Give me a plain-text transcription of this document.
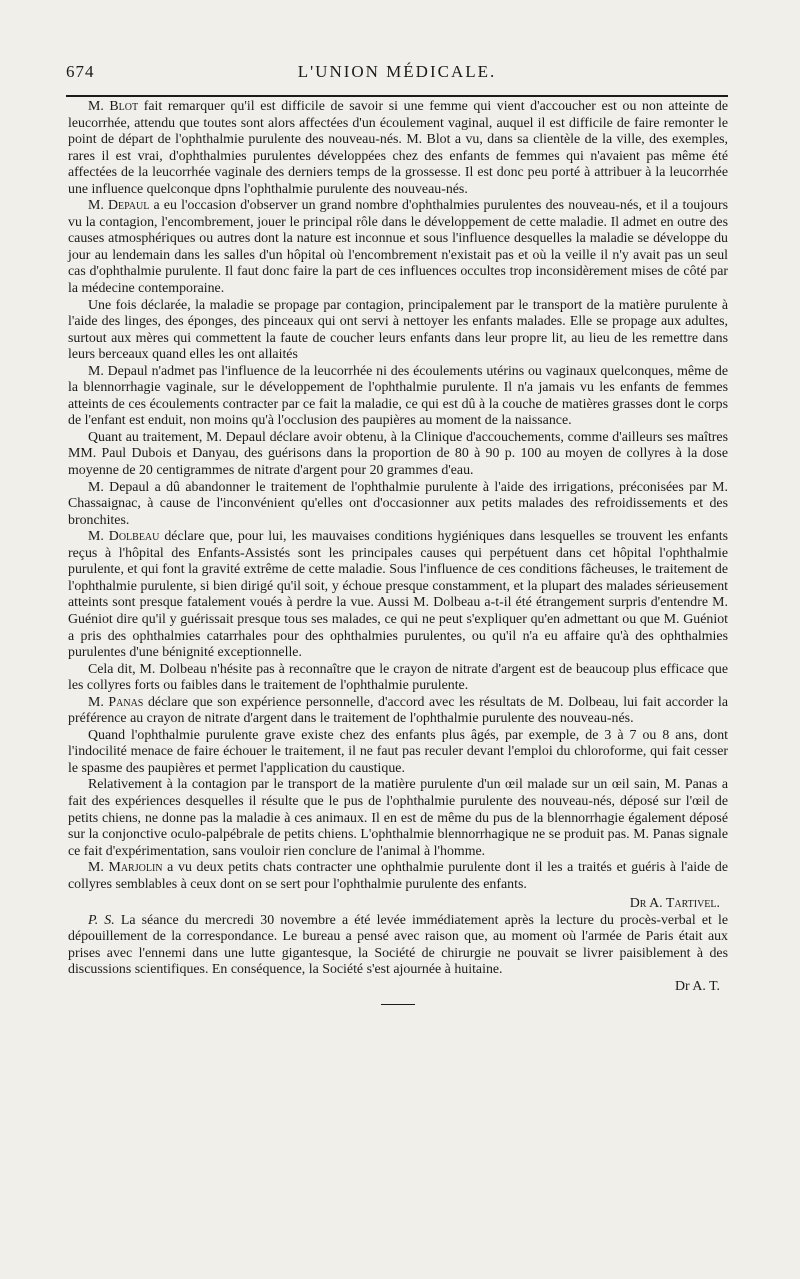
674	L'UNION MÉDICALE.

M. Blot fait remarquer qu'il est difficile de savoir si une femme qui vient d'accoucher est ou non atteinte de leucorrhée, attendu que toutes sont alors affectées d'un écoulement vaginal, auquel il est difficile de faire remonter le point de départ de l'ophthalmie purulente des nouveau-nés. M. Blot a vu, dans sa clientèle de la ville, des exemples, rares il est vrai, d'ophthalmies purulentes développées chez des enfants de femmes qui n'avaient pas même été affectées de la leucorrhée vaginale des derniers temps de la grossesse. Il est donc peu porté à attribuer à la leucorrhée une influence quelconque dpns l'ophthalmie purulente des nouveau-nés.

M. Depaul a eu l'occasion d'observer un grand nombre d'ophthalmies purulentes des nouveau-nés, et il a toujours vu la contagion, l'encombrement, jouer le principal rôle dans le développement de cette maladie. Il admet en outre des causes atmosphériques ou autres dont la nature est inconnue et sous l'influence desquelles la maladie se développe du jour au lendemain dans les salles d'un hôpital où l'encombrement n'existait pas et où la veille il n'y avait pas un seul cas d'ophthalmie purulente. Il faut donc faire la part de ces influences occultes trop inconsidèrement mises de côté par la médecine contemporaine.

Une fois déclarée, la maladie se propage par contagion, principalement par le transport de la matière purulente à l'aide des linges, des éponges, des pinceaux qui ont servi à nettoyer les enfants malades. Elle se propage aux adultes, surtout aux mères qui commettent la faute de coucher leurs enfants dans leur propre lit, au lieu de les remettre dans leurs berceaux quand elles les ont allaités

M. Depaul n'admet pas l'influence de la leucorrhée ni des écoulements utérins ou vaginaux quelconques, même de la blennorrhagie vaginale, sur le développement de l'ophthalmie purulente. Il n'a jamais vu les enfants de femmes atteints de ces écoulements contracter par ce fait la maladie, ce qui est dû à la couche de matières grasses dont le corps de l'enfant est enduit, non moins qu'à l'occlusion des paupières au moment de la naissance.

Quant au traitement, M. Depaul déclare avoir obtenu, à la Clinique d'accouchements, comme d'ailleurs ses maîtres MM. Paul Dubois et Danyau, des guérisons dans la proportion de 80 à 90 p. 100 au moyen de collyres à la dose moyenne de 20 centigrammes de nitrate d'argent pour 20 grammes d'eau.

M. Depaul a dû abandonner le traitement de l'ophthalmie purulente à l'aide des irrigations, préconisées par M. Chassaignac, à cause de l'inconvénient qu'elles ont d'occasionner aux petits malades des refroidissements et des bronchites.

M. Dolbeau déclare que, pour lui, les mauvaises conditions hygiéniques dans lesquelles se trouvent les enfants reçus à l'hôpital des Enfants-Assistés sont les principales causes qui perpétuent dans cet hôpital l'ophthalmie purulente, et qui font la gravité extrême de cette maladie. Sous l'influence de ces conditions fâcheuses, le traitement de l'ophthalmie purulente, si bien dirigé qu'il soit, y échoue presque constamment, et la plupart des malades sérieusement atteints sont presque fatalement voués à perdre la vue. Aussi M. Dolbeau a-t-il été étrangement surpris d'entendre M. Guéniot dire qu'il y guérissait presque tous ses malades, ce qui ne peut s'expliquer qu'en admettant ou que M. Guéniot a pris des ophthalmies catarrhales pour des ophthalmies purulentes, ou qu'il n'a eu affaire qu'à des ophthalmies purulentes d'une bénignité exceptionnelle.

Cela dit, M. Dolbeau n'hésite pas à reconnaître que le crayon de nitrate d'argent est de beaucoup plus efficace que les collyres forts ou faibles dans le traitement de l'ophthalmie purulente.

M. Panas déclare que son expérience personnelle, d'accord avec les résultats de M. Dolbeau, lui fait accorder la préférence au crayon de nitrate d'argent dans le traitement de l'ophthalmie purulente des nouveau-nés.

Quand l'ophthalmie purulente grave existe chez des enfants plus âgés, par exemple, de 3 à 7 ou 8 ans, dont l'indocilité menace de faire échouer le traitement, il ne faut pas reculer devant l'emploi du chloroforme, qui fait cesser le spasme des paupières et permet l'application du caustique.

Relativement à la contagion par le transport de la matière purulente d'un œil malade sur un œil sain, M. Panas a fait des expériences desquelles il résulte que le pus de l'ophthalmie purulente des nouveau-nés, déposé sur l'œil de petits chiens, ne donne pas la maladie à ces animaux. Il en est de même du pus de la blennorrhagie également déposé sur la conjonctive oculo-palpébrale de petits chiens. L'ophthalmie blennorrhagique ne se produit pas. M. Panas signale ce fait d'expérimentation, sans vouloir rien conclure de l'animal à l'homme.

M. Marjolin a vu deux petits chats contracter une ophthalmie purulente dont il les a traités et guéris à l'aide de collyres semblables à ceux dont on se sert pour l'ophthalmie purulente des enfants.

Dr A. Tartivel.

P. S. La séance du mercredi 30 novembre a été levée immédiatement après la lecture du procès-verbal et le dépouillement de la correspondance. Le bureau a pensé avec raison que, au moment où l'armée de Paris était aux prises avec l'ennemi dans une lutte gigantesque, la Société de chirurgie ne pouvait se livrer paisiblement à des discussions scientifiques. En conséquence, la Société s'est ajournée à huitaine.

Dr A. T.
